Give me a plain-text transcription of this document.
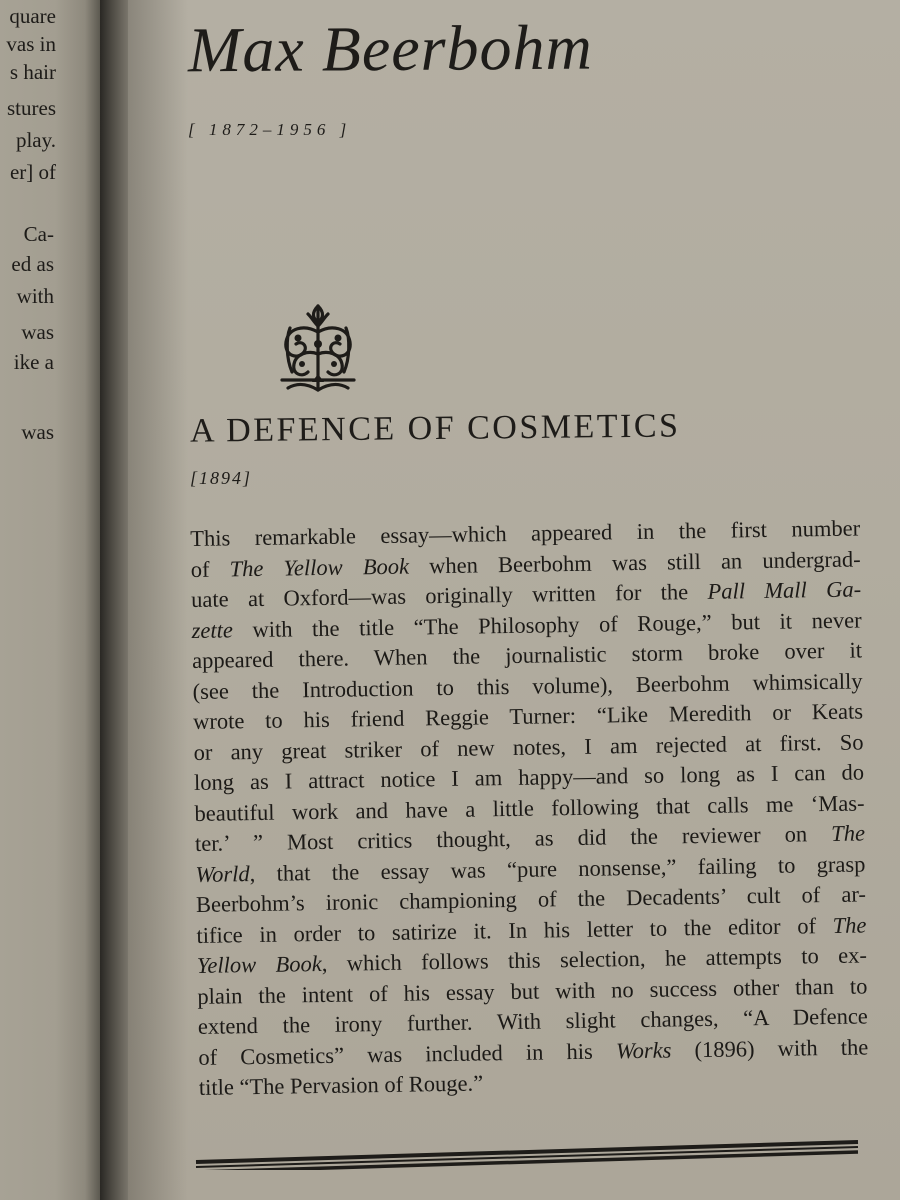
quare
vas in
s hair
stures
play.
er] of
Ca-
ed as
with
was
ike a
was
Max Beerbohm
[ 1872–1956 ]
A DEFENCE OF COSMETICS
[1894]
This remarkable essay—which appeared in the first number
of The Yellow Book when Beerbohm was still an undergrad-
uate at Oxford—was originally written for the Pall Mall Ga-
zette with the title “The Philosophy of Rouge,” but it never
appeared there. When the journalistic storm broke over it
(see the Introduction to this volume), Beerbohm whimsically
wrote to his friend Reggie Turner: “Like Meredith or Keats
or any great striker of new notes, I am rejected at first. So
long as I attract notice I am happy—and so long as I can do
beautiful work and have a little following that calls me ‘Mas-
ter.’ ” Most critics thought, as did the reviewer on The
World, that the essay was “pure nonsense,” failing to grasp
Beerbohm’s ironic championing of the Decadents’ cult of ar-
tifice in order to satirize it. In his letter to the editor of The
Yellow Book, which follows this selection, he attempts to ex-
plain the intent of his essay but with no success other than to
extend the irony further. With slight changes, “A Defence
of Cosmetics” was included in his Works (1896) with the
title “The Pervasion of Rouge.”
